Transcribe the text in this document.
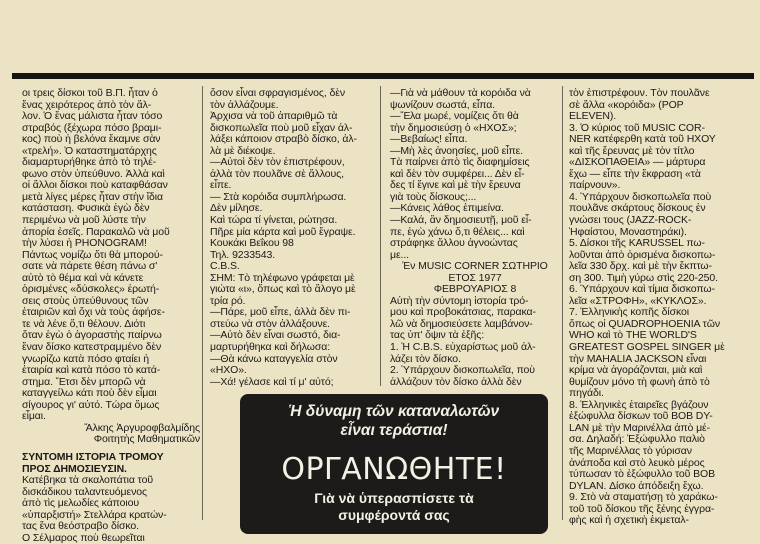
οι τρεις δίσκοι τοῦ Β.Π. ἦταν ὁ

ἕνας χειρότερος ἀπὸ τὸν ἄλ-

λον. Ὁ ἕνας μάλιστα ἦταν τόσο

στραβός (ξέχωρα πόσο βραμι-

κος) ποὺ ἡ βελόνα ἔκαμνε σὰν

«τρελή». Ὁ καταστηματάρχης

διαμαρτυρήθηκε ἀπὸ τὸ τηλέ-

φωνο στὸν ὑπεύθυνο. Ἀλλὰ καὶ

οἱ ἄλλοι δίσκοι ποὺ καταφθάσαν

μετὰ λίγες μέρες ἦταν στὴν ἴδια

κατάσταση. Φυσικὰ ἐγὼ δὲν

περιμένω νὰ μοῦ λύστε τὴν

ἀπορία ἐσεῖς. Παρακαλῶ νὰ μοῦ

τὴν λύσει ἡ PHONOGRAM!

Πάντως νομίζω ὅτι θὰ μπορού-

σατε νὰ πάρετε θέση πάνω σ'

αὐτὸ τὸ θέμα καὶ νὰ κάνετε

ὁρισμένες «δύσκολες» ἐρωτή-

σεις στοὺς ὑπεύθυνους τῶν

ἑταιριῶν καὶ ὄχι νὰ τοὺς ἀφήσε-

τε νὰ λένε ὅ,τι θέλουν. Διότι

ὅταν ἐγὼ ὁ ἀγοραστὴς παίρνω

ἕναν δίσκο κατεστραμμένο δὲν

γνωρίζω κατὰ πόσο φταίει ἡ

ἑταιρία καὶ κατὰ πόσο τὸ κατά-

στημα. Ἔτσι δὲν μπορῶ νὰ

καταγγείλω κάτι ποὺ δὲν εἶμαι

σίγουρος γι' αὐτό. Τώρα ὅμως

εἶμαι.

Ἄλκης Ἀργυροφβαλμίδης

Φοιτητὴς Μαθηματικῶν

ΣΥΝΤΟΜΗ ΙΣΤΟΡΙΑ ΤΡΟΜΟΥ
ΠΡΟΣ ΔΗΜΟΣΙΕΥΣΙΝ.

Κατέβηκα τὰ σκαλοπάτια τοῦ

δισκάδικου ταλαντευόμενος

ἀπὸ τὶς μελωδίες κάποιου

«ὑπαρξιστή» Στελλάρα κρατών-

τας ἕνα θεόστραβο δίσκο.

Ο Σέλμαρος ποὺ θεωρεῖται

ὅσον εἶναι σφραγισμένος, δὲν

τὸν ἀλλάζουμε.

Ἀρχισα νὰ τοῦ ἀπαριθμῶ τὰ

δισκοπωλεῖα ποὺ μοῦ εἶχαν ἀλ-

λάξει κάποιον στραβὸ δίσκο, ἀλ-

λὰ μὲ διέκοψε.

—Αὐτοὶ δὲν τὸν ἐπιστρέφουν,

ἀλλὰ τὸν πουλᾶνε σὲ ἄλλους,

εἶπε.

— Στὰ κορόιδα συμπλήρωσα.

Δὲν μίλησε.

Καὶ τώρα τί γίνεται, ρώτησα.

Πῆρε μία κάρτα καὶ μοῦ ἔγραψε.

Κουκάκι Βεΐκου 98

Τηλ. 9233543.

C.B.S.

ΣΗΜ: Τὸ τηλέφωνο γράφεται μὲ

γιώτα «ι», ὅπως καὶ τὸ ἄλογο μὲ

τρία ρό.

—Πάρε, μοῦ εἶπε, ἀλλὰ δὲν πι-

στεύω νὰ στὸν ἀλλάξουνε.

—Αὐτὸ δὲν εἶναι σωστό, δια-

μαρτυρήθηκα καὶ δήλωσα:

—Θὰ κάνω καταγγελία στὸν

«ΗΧΟ».

—Χά! γέλασε καὶ τί μ' αὐτό;

—Γιὰ νὰ μάθουν τὰ κορόιδα νὰ

ψωνίζουν σωστά, εἶπα.

—Ἔλα μωρέ, νομίζεις ὅτι θὰ

τὴν δημοσιεύσῃ ὁ «ΗΧΟΣ»;

—Βεβαίως! εἶπα.

—Μὴ λὲς ἀνοησίες, μοῦ εἶπε.

Τὰ παίρνει ἀπὸ τὶς διαφημίσεις

καὶ δὲν τὸν συμφέρει... Δὲν εἶ-

δες τί ἔγινε καὶ μὲ τὴν ἔρευνα

γιὰ τοὺς δίσκους;...

—Κάνεις λάθος ἐπιμείνα.

—Καλά, ἂν δημοσιευτῇ, μοῦ εἶ-

πε, ἐγὼ χάνω ὅ,τι θέλεις... καὶ

στράφηκε ἄλλου ἀγνοώντας

με...

Ἐν MUSIC CORNER ΣΩΤΗΡΙΟ

ΕΤΟΣ 1977

ΦΕΒΡΟΥΑΡΙΟΣ 8

Αὐτὴ τὴν σύντομη ἱστορία τρό-

μου καὶ προβοκάτσιας, παρακα-

λῶ νὰ δημοσιεύσετε λαμβάνον-

τας ὑπ' ὄψιν τὰ ἑξῆς:

1. Ἡ C.B.S. εὐχαρίστως μοῦ ἀλ-

λάζει τὸν δίσκο.

2. Ὑπάρχουν δισκοπωλεῖα, ποὺ

ἀλλάζουν τὸν δίσκο ἀλλὰ δὲν

τὸν ἐπιστρέφουν. Τὸν πουλᾶνε

σὲ ἄλλα «κορόιδα» (POP

ELEVEN).

3. Ὁ κύριος τοῦ MUSIC COR-

NER κατέφερθη κατὰ τοῦ ΗΧΟΥ

καὶ τῆς ἔρευνας μὲ τὸν τίτλο

«ΔΙΣΚΟΠΑΘΕΙΑ» — μάρτυρα

ἔχω — εἶπε τὴν ἔκφραση «τὰ

παίρνουν».

4. Ὑπάρχουν δισκοπωλεῖα ποὺ

πουλᾶνε σκάρτους δίσκους ἐν

γνώσει τους (JAZZ-ROCK-

Ἡφαίστου, Μοναστηράκι).

5. Δίσκοι τῆς KARUSSEL πω-

λοῦνται ἀπὸ ὁρισμένα δισκοπω-

λεῖα 330 δρχ. καὶ μὲ τὴν ἔκπτω-

ση 300. Τιμὴ γύρω στὶς 220-250.

6. Ὑπάρχουν καὶ τίμια δισκοπω-

λεῖα «ΣΤΡΟΦΗ», «ΚΥΚΛΟΣ».

7. Ἑλληνικὴς κοπῆς δίσκοι

ὅπως οἱ QUADROPHOENIA τῶν

WHO καὶ τὸ THE WORLD'S

GREATEST GOSPEL SINGER μὲ

τὴν MAHALIA JACKSON εἶναι

κρίμα νὰ ἀγοράζονται, μιὰ καὶ

θυμίζουν μόνο τὴ φωνὴ ἀπὸ τὸ

πηγάδι.

8. Ἑλληνικὲς ἑταιρεῖες βγάζουν

ἐξώφυλλα δίσκων τοῦ BOB DY-

LAN μὲ τὴν Μαρινέλλα ἀπὸ μέ-

σα. Δηλαδή: Ἐξώφυλλο παλιὸ

τῆς Μαρινέλλας τὸ γύρισαν

ἀνάποδα καὶ στὸ λευκὸ μέρος

τύπωσαν τὸ ἐξώφυλλο τοῦ BOB

DYLAN. Δίσκο ἀπόδειξη ἔχω.

9. Στὸ νὰ σταματήσῃ τὸ χαράκω-

τοῦ τοῦ δίσκου τῆς ξένης ἐγγρα-

φὴς καὶ ἡ σχετικὴ ἐκμεταλ-

Ἡ δύναμη τῶν καταναλωτῶν
εἶναι τεράστια!
ΟΡΓΑΝΩΘΗΤΕ!
Γιὰ νὰ ὑπερασπίσετε τὰ
συμφέροντά σας
